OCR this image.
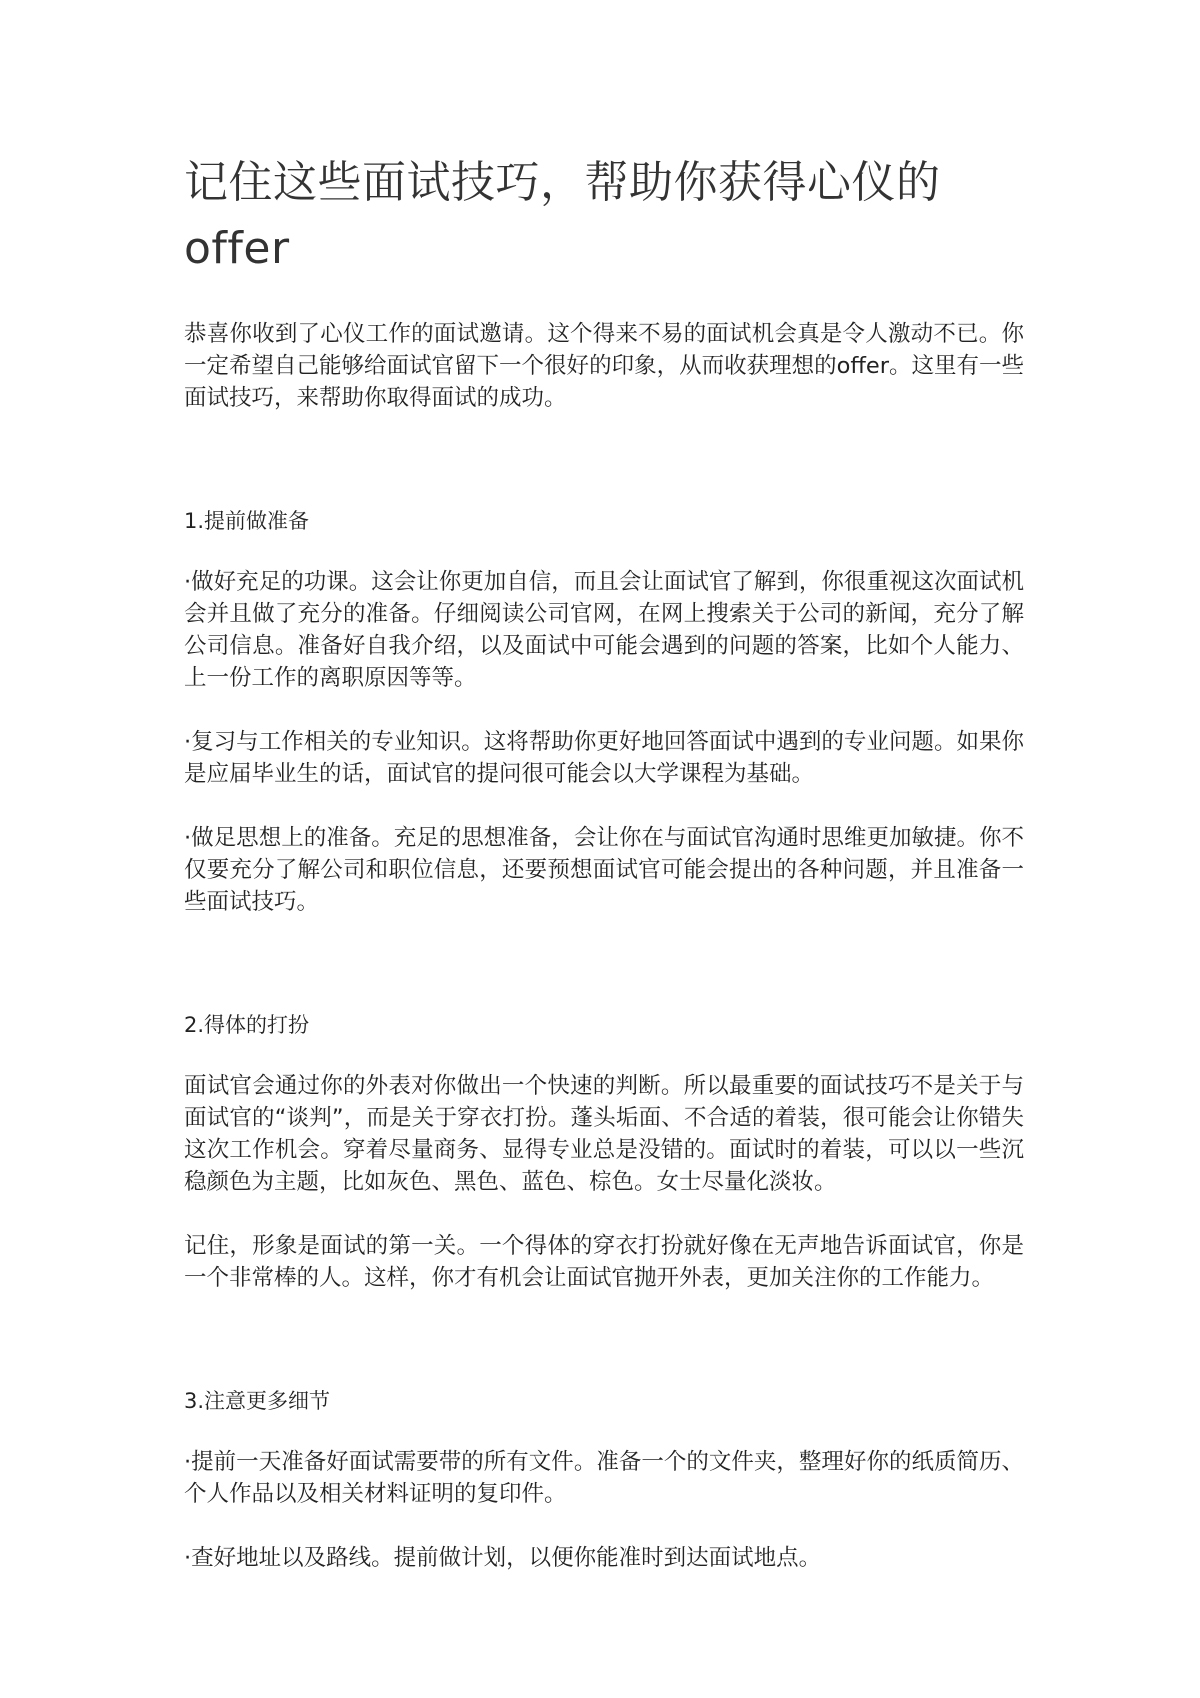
记住这些面试技巧，帮助你获得心仪的offer

恭喜你收到了心仪工作的面试邀请。这个得来不易的面试机会真是令人激动不已。你一定希望自己能够给面试官留下一个很好的印象，从而收获理想的offer。这里有一些面试技巧，来帮助你取得面试的成功。

1.提前做准备

·做好充足的功课。这会让你更加自信，而且会让面试官了解到，你很重视这次面试机会并且做了充分的准备。仔细阅读公司官网，在网上搜索关于公司的新闻，充分了解公司信息。准备好自我介绍，以及面试中可能会遇到的问题的答案，比如个人能力、上一份工作的离职原因等等。

·复习与工作相关的专业知识。这将帮助你更好地回答面试中遇到的专业问题。如果你是应届毕业生的话，面试官的提问很可能会以大学课程为基础。

·做足思想上的准备。充足的思想准备，会让你在与面试官沟通时思维更加敏捷。你不仅要充分了解公司和职位信息，还要预想面试官可能会提出的各种问题，并且准备一些面试技巧。

2.得体的打扮

面试官会通过你的外表对你做出一个快速的判断。所以最重要的面试技巧不是关于与面试官的“谈判”，而是关于穿衣打扮。蓬头垢面、不合适的着装，很可能会让你错失这次工作机会。穿着尽量商务、显得专业总是没错的。面试时的着装，可以以一些沉稳颜色为主题，比如灰色、黑色、蓝色、棕色。女士尽量化淡妆。

记住，形象是面试的第一关。一个得体的穿衣打扮就好像在无声地告诉面试官，你是一个非常棒的人。这样，你才有机会让面试官抛开外表，更加关注你的工作能力。

3.注意更多细节

·提前一天准备好面试需要带的所有文件。准备一个的文件夹，整理好你的纸质简历、个人作品以及相关材料证明的复印件。

·查好地址以及路线。提前做计划，以便你能准时到达面试地点。
